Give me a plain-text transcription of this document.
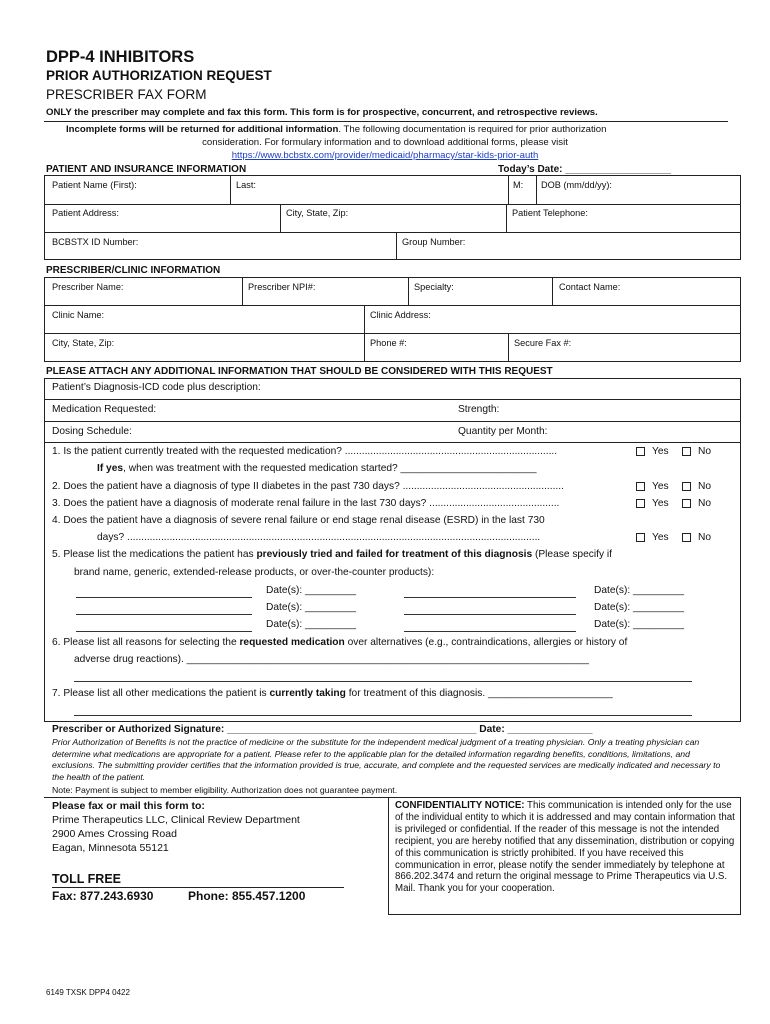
DPP-4 INHIBITORS
PRIOR AUTHORIZATION REQUEST
PRESCRIBER FAX FORM
ONLY the prescriber may complete and fax this form. This form is for prospective, concurrent, and retrospective reviews.
Incomplete forms will be returned for additional information. The following documentation is required for prior authorization
consideration. For formulary information and to download additional forms, please visit
https://www.bcbstx.com/provider/medicaid/pharmacy/star-kids-prior-auth
PATIENT AND INSURANCE INFORMATION	Today’s Date: ___________________
Patient Name (First):	Last:	M: DOB (mm/dd/yy):
Patient Address:	City, State, Zip:	Patient Telephone:
BCBSTX ID Number:	Group Number:
PRESCRIBER/CLINIC INFORMATION
Prescriber Name:	Prescriber NPI#:	Specialty:	Contact Name:
Clinic Name:	Clinic Address:
City, State, Zip:	Phone #:	Secure Fax #:
PLEASE ATTACH ANY ADDITIONAL INFORMATION THAT SHOULD BE CONSIDERED WITH THIS REQUEST
Patient’s Diagnosis-ICD code plus description:
Medication Requested:	Strength:
Dosing Schedule:	Quantity per Month:
1. Is the patient currently treated with the requested medication? ...........................................................................	Yes	No
If yes, when was treatment with the requested medication started? ________________________
2. Does the patient have a diagnosis of type II diabetes in the past 730 days? .........................................................	Yes	No
3. Does the patient have a diagnosis of moderate renal failure in the last 730 days? ..............................................	Yes	No
4. Does the patient have a diagnosis of severe renal failure or end stage renal disease (ESRD) in the last 730
days? ..................................................................................................................................................	Yes	No
5. Please list the medications the patient has previously tried and failed for treatment of this diagnosis (Please specify if
brand name, generic, extended-release products, or over-the-counter products):
Date(s): _________	Date(s): _________
Date(s): _________	Date(s): _________
Date(s): _________	Date(s): _________
6. Please list all reasons for selecting the requested medication over alternatives (e.g., contraindications, allergies or history of
adverse drug reactions). _______________________________________________________________________
7. Please list all other medications the patient is currently taking for treatment of this diagnosis. ______________________
Prescriber or Authorized Signature: ____________________________________________ Date: _______________
Prior Authorization of Benefits is not the practice of medicine or the substitute for the independent medical judgment of a treating physician. Only a treating physician can determine what medications are appropriate for a patient. Please refer to the applicable plan for the detailed information regarding benefits, conditions, limitations, and exclusions. The submitting provider certifies that the information provided is true, accurate, and complete and the requested services are medically indicated and necessary to the health of the patient.
Note: Payment is subject to member eligibility. Authorization does not guarantee payment.
Please fax or mail this form to:
Prime Therapeutics LLC, Clinical Review Department
2900 Ames Crossing Road
Eagan, Minnesota 55121
TOLL FREE
Fax: 877.243.6930	Phone: 855.457.1200
CONFIDENTIALITY NOTICE: This communication is intended only for the use of the individual entity to which it is addressed and may contain information that is privileged or confidential. If the reader of this message is not the intended recipient, you are hereby notified that any dissemination, distribution or copying of this communication is strictly prohibited. If you have received this communication in error, please notify the sender immediately by telephone at 866.202.3474 and return the original message to Prime Therapeutics via U.S. Mail. Thank you for your cooperation.
6149 TXSK DPP4 0422
